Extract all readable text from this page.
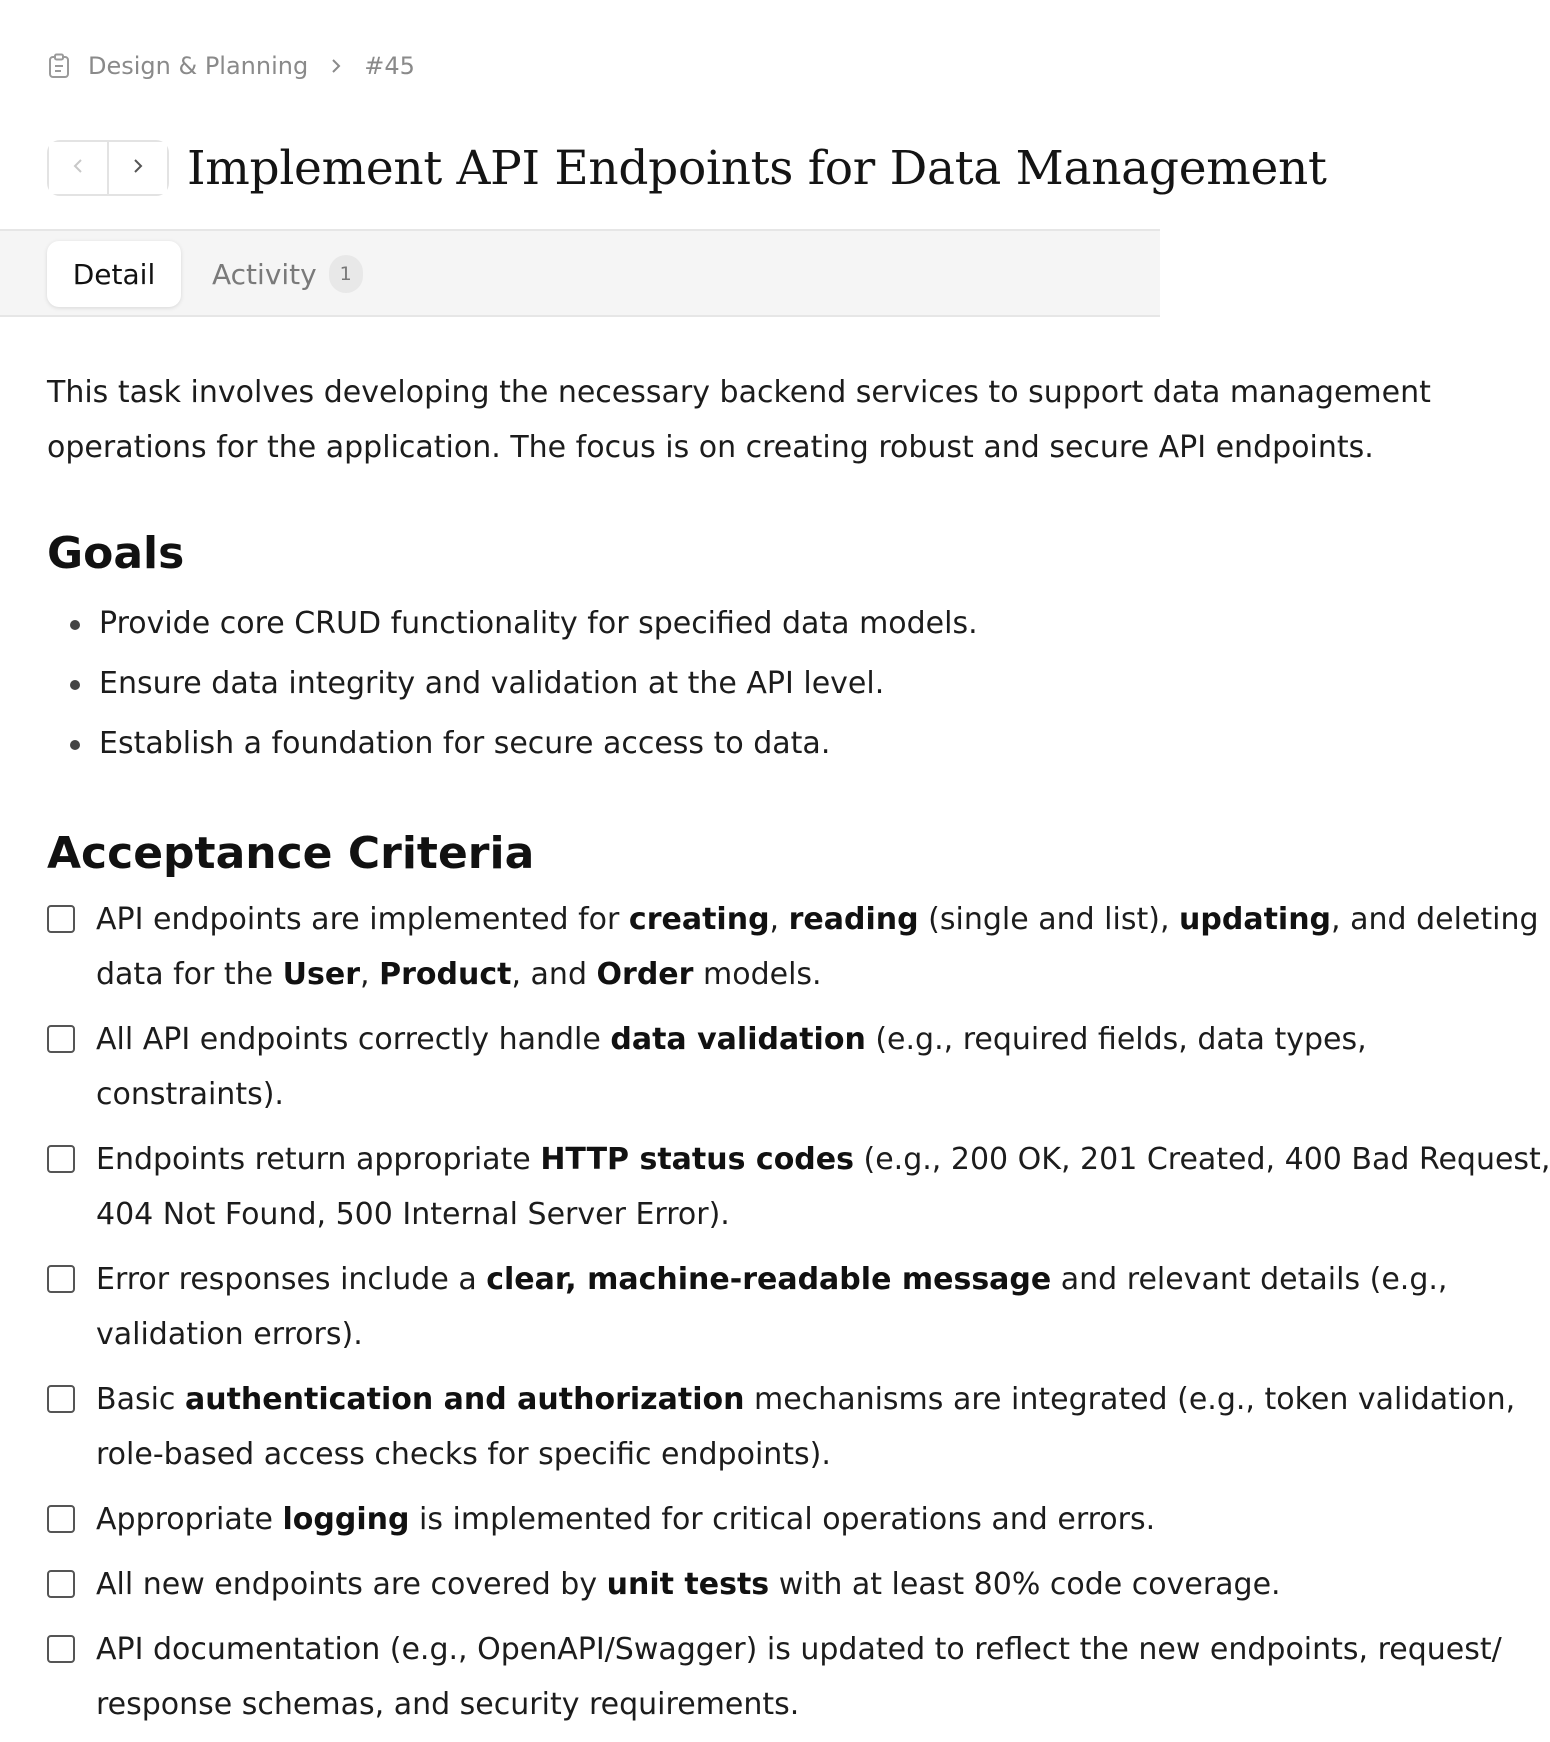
Design & Planning #45
Implement API Endpoints for Data Management
Detail Activity	1

This task involves developing the necessary backend services to support data management

operations for the application. The focus is on creating robust and secure API endpoints.

Goals
Provide core CRUD functionality for specified data models.
Ensure data integrity and validation at the API level.
Establish a foundation for secure access to data.
Acceptance Criteria
API endpoints are implemented for creating, reading (single and list), updating, and deleting
data for the User, Product, and Order models.
All API endpoints correctly handle data validation (e.g., required fields, data types,
constraints).
Endpoints return appropriate HTTP status codes (e.g., 200 OK, 201 Created, 400 Bad Request,
404 Not Found, 500 Internal Server Error).
Error responses include a clear, machine-readable message and relevant details (e.g.,
validation errors).
Basic authentication and authorization mechanisms are integrated (e.g., token validation,
role-based access checks for specific endpoints).
Appropriate logging is implemented for critical operations and errors.
All new endpoints are covered by unit tests with at least 80% code coverage.
API documentation (e.g., OpenAPI/Swagger) is updated to reflect the new endpoints, request/
response schemas, and security requirements.
